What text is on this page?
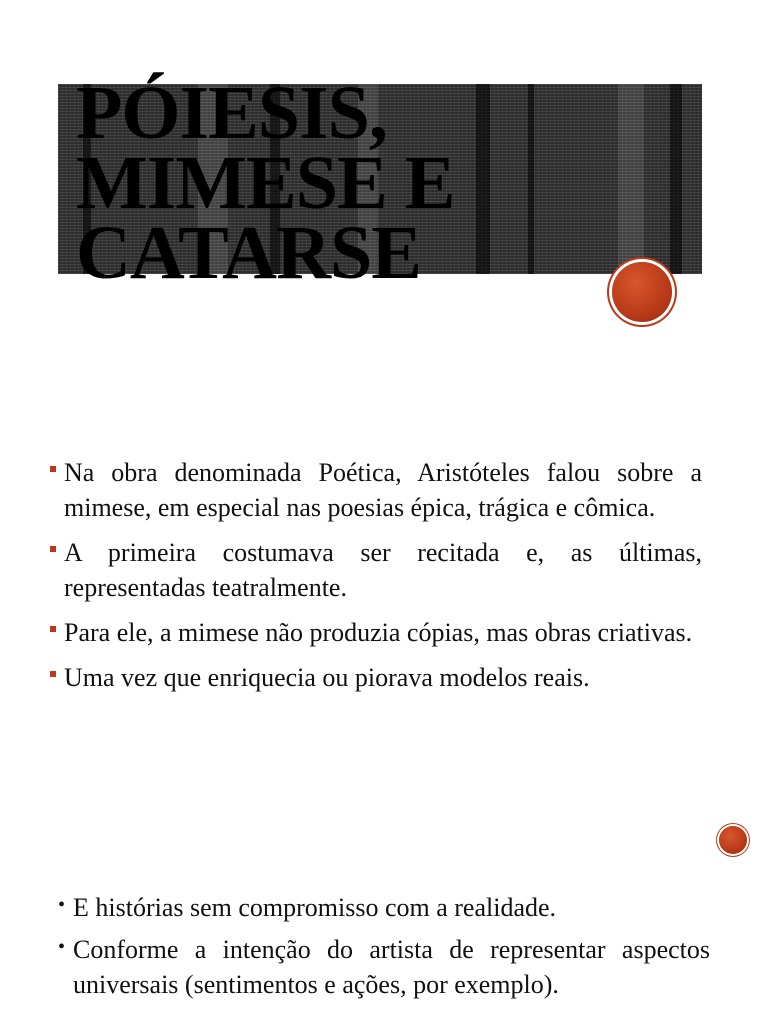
PÓIESIS,
MIMESE E
CATARSE
Na obra denominada Poética, Aristóteles falou sobre a mimese, em especial nas poesias épica, trágica e cômica.
A primeira costumava ser recitada e, as últimas, representadas teatralmente.
Para ele, a mimese não produzia cópias, mas obras criativas.
Uma vez que enriquecia ou piorava modelos reais.
• E histórias sem compromisso com a realidade.
• Conforme a intenção do artista de representar aspectos universais (sentimentos e ações, por exemplo).
